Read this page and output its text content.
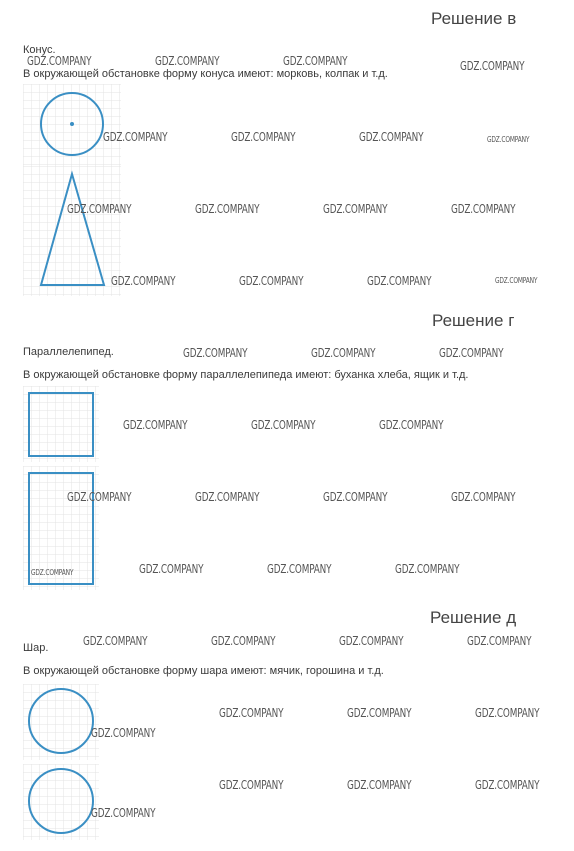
Решение в
Конус.
В окружающей обстановке форму конуса имеют: морковь, колпак и т.д.
Решение г
Параллелепипед.
В окружающей обстановке форму параллелепипеда имеют: буханка хлеба, ящик и т.д.
Решение д
Шар.
В окружающей обстановке форму шара имеют: мячик, горошина и т.д.
GDZ.COMPANY	GDZ.COMPANY	GDZ.COMPANY	GDZ.COMPANY
GDZ.COMPANY	GDZ.COMPANY	GDZ.COMPANY	GDZ.COMPANY
GDZ.COMPANY	GDZ.COMPANY	GDZ.COMPANY	GDZ.COMPANY
GDZ.COMPANY	GDZ.COMPANY	GDZ.COMPANY	GDZ.COMPANY
GDZ.COMPANY	GDZ.COMPANY	GDZ.COMPANY
GDZ.COMPANY	GDZ.COMPANY	GDZ.COMPANY
GDZ.COMPANY	GDZ.COMPANY	GDZ.COMPANY	GDZ.COMPANY
GDZ.COMPANY	GDZ.COMPANY	GDZ.COMPANY	GDZ.COMPANY
GDZ.COMPANY	GDZ.COMPANY	GDZ.COMPANY	GDZ.COMPANY
GDZ.COMPANY	GDZ.COMPANY	GDZ.COMPANY
GDZ.COMPANY
GDZ.COMPANY	GDZ.COMPANY	GDZ.COMPANY
GDZ.COMPANY
